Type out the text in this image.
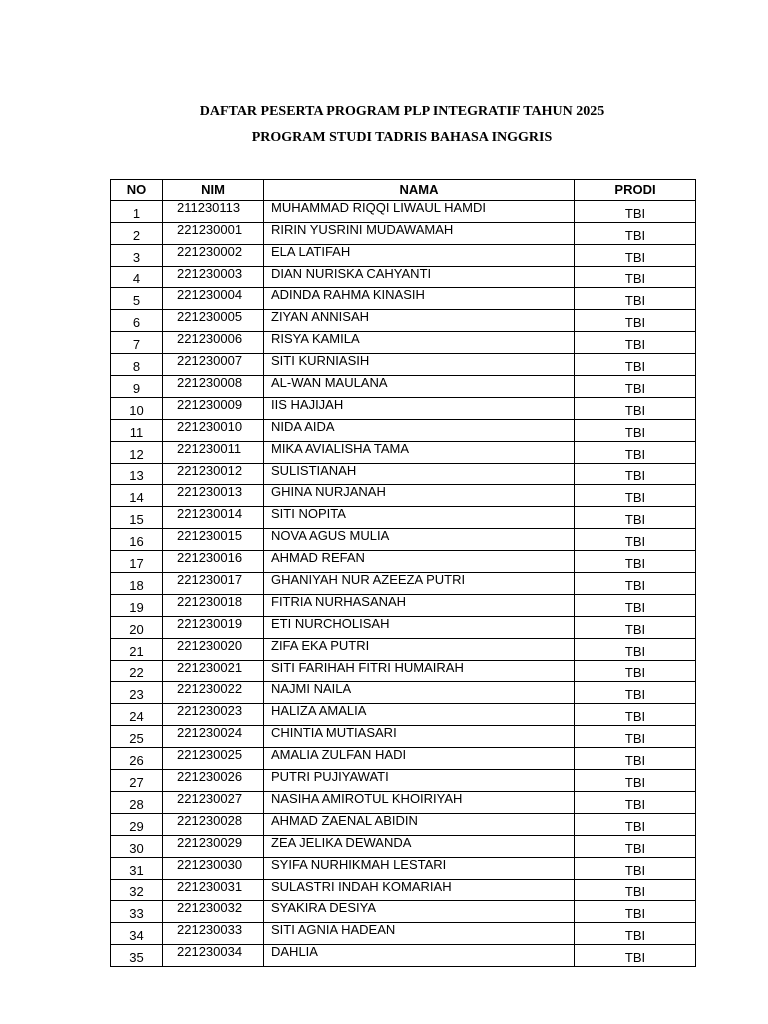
DAFTAR PESERTA PROGRAM PLP INTEGRATIF TAHUN 2025
PROGRAM STUDI TADRIS BAHASA INGGRIS
NO	NIM	NAMA	PRODI
1	211230113	MUHAMMAD RIQQI LIWAUL HAMDI	TBI
2	221230001	RIRIN YUSRINI MUDAWAMAH	TBI
3	221230002	ELA LATIFAH	TBI
4	221230003	DIAN NURISKA CAHYANTI	TBI
5	221230004	ADINDA RAHMA KINASIH	TBI
6	221230005	ZIYAN ANNISAH	TBI
7	221230006	RISYA KAMILA	TBI
8	221230007	SITI KURNIASIH	TBI
9	221230008	AL-WAN MAULANA	TBI
10	221230009	IIS HAJIJAH	TBI
11	221230010	NIDA AIDA	TBI
12	221230011	MIKA AVIALISHA TAMA	TBI
13	221230012	SULISTIANAH	TBI
14	221230013	GHINA NURJANAH	TBI
15	221230014	SITI NOPITA	TBI
16	221230015	NOVA AGUS MULIA	TBI
17	221230016	AHMAD REFAN	TBI
18	221230017	GHANIYAH NUR AZEEZA PUTRI	TBI
19	221230018	FITRIA NURHASANAH	TBI
20	221230019	ETI NURCHOLISAH	TBI
21	221230020	ZIFA EKA PUTRI	TBI
22	221230021	SITI FARIHAH FITRI HUMAIRAH	TBI
23	221230022	NAJMI NAILA	TBI
24	221230023	HALIZA AMALIA	TBI
25	221230024	CHINTIA MUTIASARI	TBI
26	221230025	AMALIA ZULFAN HADI	TBI
27	221230026	PUTRI PUJIYAWATI	TBI
28	221230027	NASIHA AMIROTUL KHOIRIYAH	TBI
29	221230028	AHMAD ZAENAL ABIDIN	TBI
30	221230029	ZEA JELIKA DEWANDA	TBI
31	221230030	SYIFA NURHIKMAH LESTARI	TBI
32	221230031	SULASTRI INDAH KOMARIAH	TBI
33	221230032	SYAKIRA DESIYA	TBI
34	221230033	SITI AGNIA HADEAN	TBI
35	221230034	DAHLIA	TBI
